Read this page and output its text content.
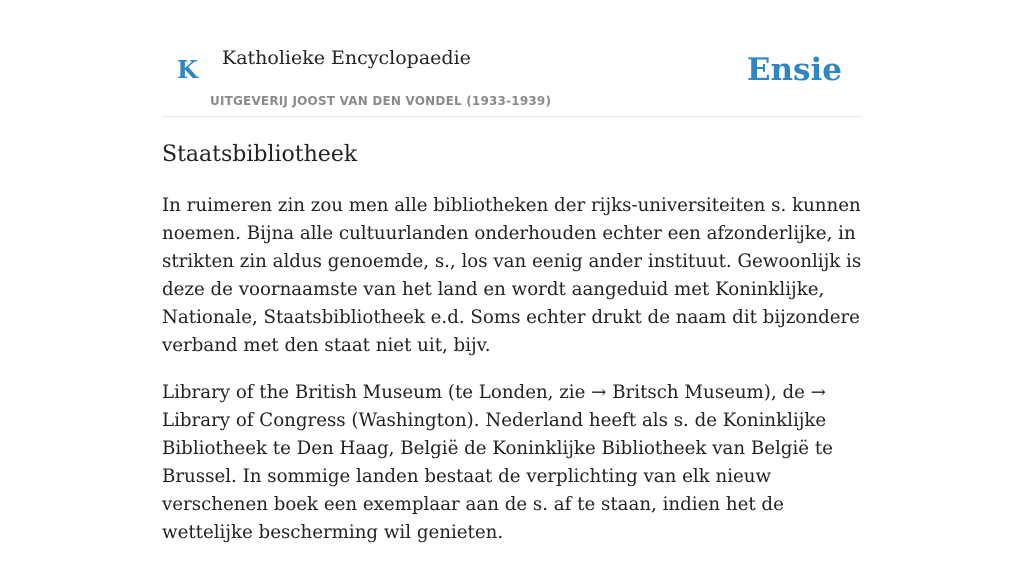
K Katholieke Encyclopaedie
UITGEVERIJ JOOST VAN DEN VONDEL (1933-1939)
Ensie
Staatsbibliotheek

In ruimeren zin zou men alle bibliotheken der rijks-universiteiten s. kunnen noemen. Bijna alle cultuurlanden onderhouden echter een afzonderlijke, in strikten zin aldus genoemde, s., los van eenig ander instituut. Gewoonlijk is deze de voornaamste van het land en wordt aangeduid met Koninklijke, Nationale, Staatsbibliotheek e.d. Soms echter drukt de naam dit bijzondere verband met den staat niet uit, bijv.

Library of the British Museum (te Londen, zie → Britsch Museum), de → Library of Congress (Washington). Nederland heeft als s. de Koninklijke Bibliotheek te Den Haag, België de Koninklijke Bibliotheek van België te Brussel. In sommige landen bestaat de verplichting van elk nieuw verschenen boek een exemplaar aan de s. af te staan, indien het de wettelijke bescherming wil genieten.
